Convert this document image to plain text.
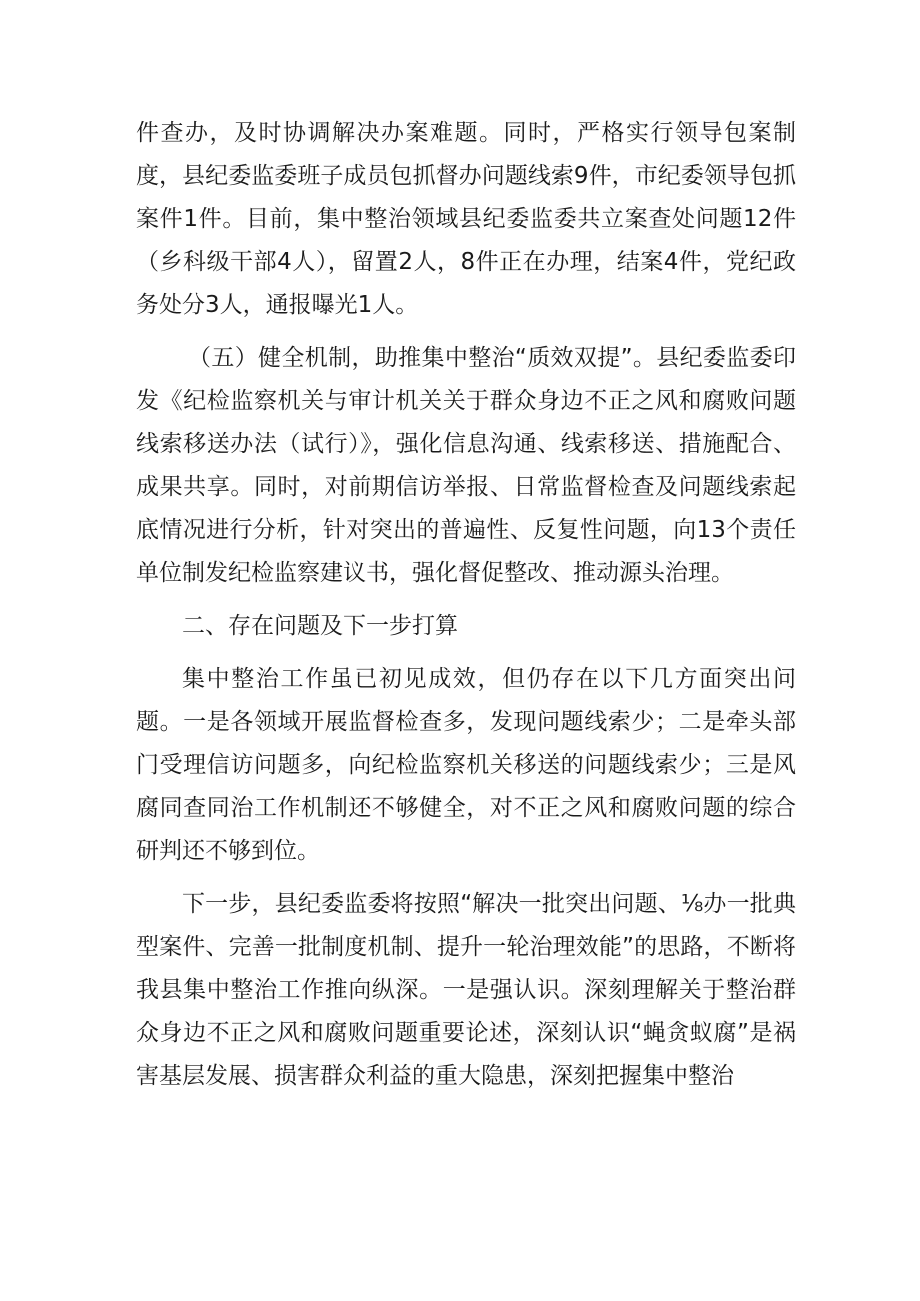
件查办，及时协调解决办案难题。同时，严格实行领导包案制度，县纪委监委班子成员包抓督办问题线索9件，市纪委领导包抓案件1件。目前，集中整治领域县纪委监委共立案查处问题12件（乡科级干部4人），留置2人，8件正在办理，结案4件，党纪政务处分3人，通报曝光1人。

（五）健全机制，助推集中整治“质效双提”。县纪委监委印发《纪检监察机关与审计机关关于群众身边不正之风和腐败问题线索移送办法（试行）》，强化信息沟通、线索移送、措施配合、成果共享。同时，对前期信访举报、日常监督检查及问题线索起底情况进行分析，针对突出的普遍性、反复性问题，向13个责任单位制发纪检监察建议书，强化督促整改、推动源头治理。

二、存在问题及下一步打算

集中整治工作虽已初见成效，但仍存在以下几方面突出问题。一是各领域开展监督检查多，发现问题线索少；二是牵头部门受理信访问题多，向纪检监察机关移送的问题线索少；三是风腐同查同治工作机制还不够健全，对不正之风和腐败问题的综合研判还不够到位。

下一步，县纪委监委将按照“解决一批突出问题、⅛办一批典型案件、完善一批制度机制、提升一轮治理效能”的思路，不断将我县集中整治工作推向纵深。一是强认识。深刻理解关于整治群众身边不正之风和腐败问题重要论述，深刻认识“蝇贪蚁腐”是祸害基层发展、损害群众利益的重大隐患，深刻把握集中整治
